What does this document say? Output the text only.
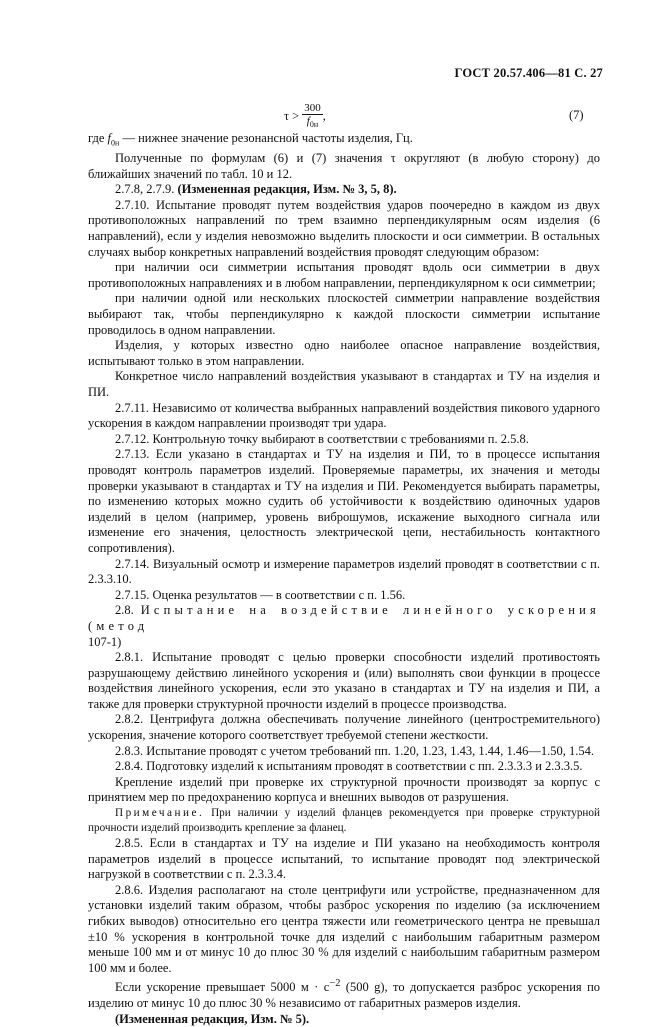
ГОСТ 20.57.406—81 С. 27
$\tau > \frac{300}{f_{0н}}$ ,	(7)

где $f_{0н}$ — нижнее значение резонансной частоты изделия, Гц.

Полученные по формулам (6) и (7) значения τ округляют (в любую сторону) до ближайших значений по табл. 10 и 12.

2.7.8, 2.7.9. (Измененная редакция, Изм. № 3, 5, 8).

2.7.10. Испытание проводят путем воздействия ударов поочередно в каждом из двух противоположных направлений по трем взаимно перпендикулярным осям изделия (6 направлений), если у изделия невозможно выделить плоскости и оси симметрии. В остальных случаях выбор конкретных направлений воздействия проводят следующим образом:

при наличии оси симметрии испытания проводят вдоль оси симметрии в двух противоположных направлениях и в любом направлении, перпендикулярном к оси симметрии;

при наличии одной или нескольких плоскостей симметрии направление воздействия выбирают так, чтобы перпендикулярно к каждой плоскости симметрии испытание проводилось в одном направлении.

Изделия, у которых известно одно наиболее опасное направление воздействия, испытывают только в этом направлении.

Конкретное число направлений воздействия указывают в стандартах и ТУ на изделия и ПИ.

2.7.11. Независимо от количества выбранных направлений воздействия пикового ударного ускорения в каждом направлении производят три удара.

2.7.12. Контрольную точку выбирают в соответствии с требованиями п. 2.5.8.

2.7.13. Если указано в стандартах и ТУ на изделия и ПИ, то в процессе испытания проводят контроль параметров изделий. Проверяемые параметры, их значения и методы проверки указывают в стандартах и ТУ на изделия и ПИ. Рекомендуется выбирать параметры, по изменению которых можно судить об устойчивости к воздействию одиночных ударов изделий в целом (например, уровень виброшумов, искажение выходного сигнала или изменение его значения, целостность электрической цепи, нестабильность контактного сопротивления).

2.7.14. Визуальный осмотр и измерение параметров изделий проводят в соответствии с п. 2.3.3.10.

2.7.15. Оценка результатов — в соответствии с п. 1.56.

2.8. Испытание на воздействие линейного ускорения (метод

107-1)

2.8.1. Испытание проводят с целью проверки способности изделий противостоять разрушающему действию линейного ускорения и (или) выполнять свои функции в процессе воздействия линейного ускорения, если это указано в стандартах и ТУ на изделия и ПИ, а также для проверки структурной прочности изделий в процессе производства.

2.8.2. Центрифуга должна обеспечивать получение линейного (центростремительного) ускорения, значение которого соответствует требуемой степени жесткости.

2.8.3. Испытание проводят с учетом требований пп. 1.20, 1.23, 1.43, 1.44, 1.46—1.50, 1.54.

2.8.4. Подготовку изделий к испытаниям проводят в соответствии с пп. 2.3.3.3 и 2.3.3.5.

Крепление изделий при проверке их структурной прочности производят за корпус с принятием мер по предохранению корпуса и внешних выводов от разрушения.

Примечание. При наличии у изделий фланцев рекомендуется при проверке структурной прочности изделий производить крепление за фланец.

2.8.5. Если в стандартах и ТУ на изделие и ПИ указано на необходимость контроля параметров изделий в процессе испытаний, то испытание проводят под электрической нагрузкой в соответствии с п. 2.3.3.4.

2.8.6. Изделия располагают на столе центрифуги или устройстве, предназначенном для установки изделий таким образом, чтобы разброс ускорения по изделию (за исключением гибких выводов) относительно его центра тяжести или геометрического центра не превышал ±10 % ускорения в контрольной точке для изделий с наибольшим габаритным размером меньше 100 мм и от минус 10 до плюс 30 % для изделий с наибольшим габаритным размером 100 мм и более.

Если ускорение превышает 5000 $м \cdot с^{-2}$ (500 g), то допускается разброс ускорения по изделию от минус 10 до плюс 30 % независимо от габаритных размеров изделия.

(Измененная редакция, Изм. № 5).
